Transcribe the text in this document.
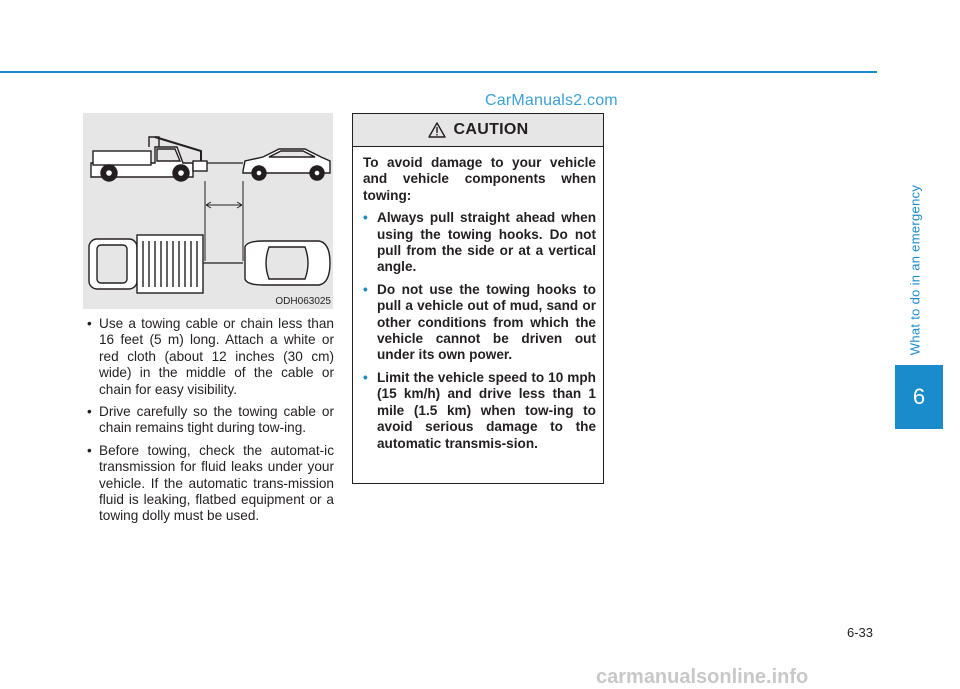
CarManuals2.com
ODH063025
• Use a towing cable or chain less than 16 feet (5 m) long. Attach a white or red cloth (about 12 inches (30 cm) wide) in the middle of the cable or chain for easy visibility.
• Drive carefully so the towing cable or chain remains tight during tow-ing.
• Before towing, check the automat-ic transmission for fluid leaks under your vehicle. If the automatic trans-mission fluid is leaking, flatbed equipment or a towing dolly must be used.
CAUTION

To avoid damage to your vehicle and vehicle components when towing:

• Always pull straight ahead when using the towing hooks. Do not pull from the side or at a vertical angle.
• Do not use the towing hooks to pull a vehicle out of mud, sand or other conditions from which the vehicle cannot be driven out under its own power.
• Limit the vehicle speed to 10 mph (15 km/h) and drive less than 1 mile (1.5 km) when tow-ing to avoid serious damage to the automatic transmis-sion.
What to do in an emergency
6
6-33
carmanualsonline.info
